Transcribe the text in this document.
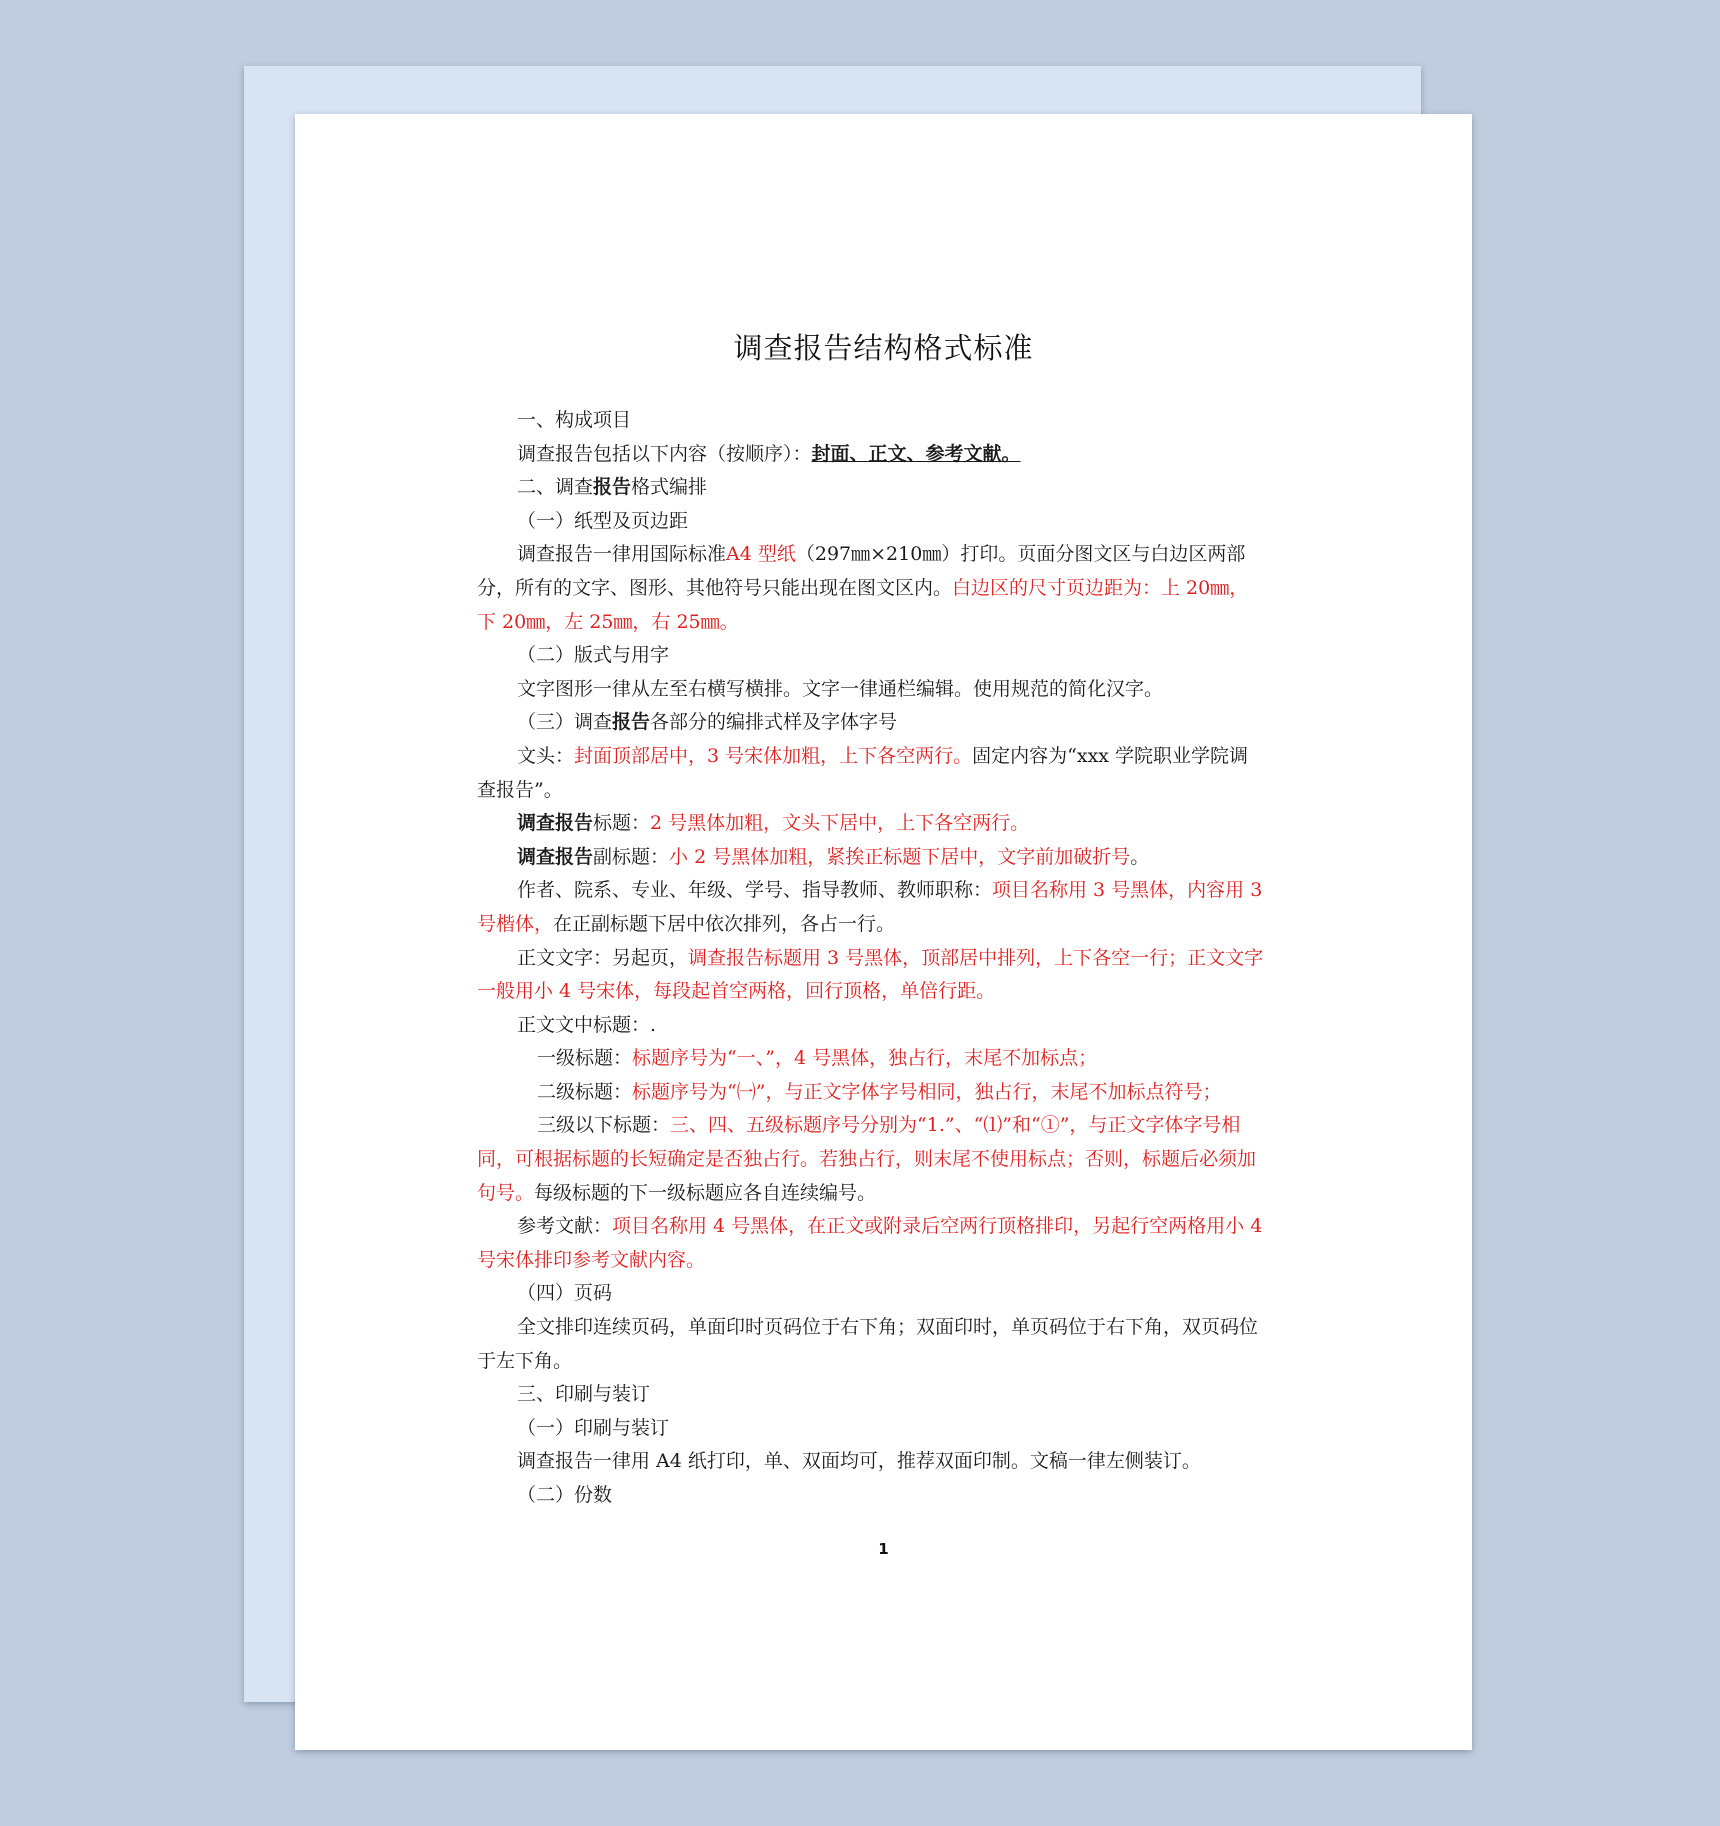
调查报告结构格式标准

一、构成项目

调查报告包括以下内容（按顺序）：封面、正文、参考文献。

二、调查报告格式编排

（一）纸型及页边距

调查报告一律用国际标准A4 型纸（297㎜×210㎜）打印。页面分图文区与白边区两部分，所有的文字、图形、其他符号只能出现在图文区内。白边区的尺寸页边距为：上 20㎜，下 20㎜，左 25㎜，右 25㎜。

（二）版式与用字

文字图形一律从左至右横写横排。文字一律通栏编辑。使用规范的简化汉字。

（三）调查报告各部分的编排式样及字体字号

文头：封面顶部居中，3 号宋体加粗，上下各空两行。固定内容为“xxx 学院职业学院调查报告”。

调查报告标题：2 号黑体加粗，文头下居中，上下各空两行。

调查报告副标题：小 2 号黑体加粗，紧挨正标题下居中，文字前加破折号。

作者、院系、专业、年级、学号、指导教师、教师职称：项目名称用 3 号黑体，内容用 3 号楷体，在正副标题下居中依次排列，各占一行。

正文文字：另起页，调查报告标题用 3 号黑体，顶部居中排列，上下各空一行；正文文字一般用小 4 号宋体，每段起首空两格，回行顶格，单倍行距。

正文文中标题：.

一级标题：标题序号为“一、”，4 号黑体，独占行，末尾不加标点；

二级标题：标题序号为“㈠”，与正文字体字号相同，独占行，末尾不加标点符号；

三级以下标题：三、四、五级标题序号分别为“1.”、“⑴”和“①”，与正文字体字号相同，可根据标题的长短确定是否独占行。若独占行，则末尾不使用标点；否则，标题后必须加句号。每级标题的下一级标题应各自连续编号。

参考文献：项目名称用 4 号黑体，在正文或附录后空两行顶格排印，另起行空两格用小 4 号宋体排印参考文献内容。

（四）页码

全文排印连续页码，单面印时页码位于右下角；双面印时，单页码位于右下角，双页码位于左下角。

三、印刷与装订

（一）印刷与装订

调查报告一律用 A4 纸打印，单、双面均可，推荐双面印制。文稿一律左侧装订。

（二）份数

1
